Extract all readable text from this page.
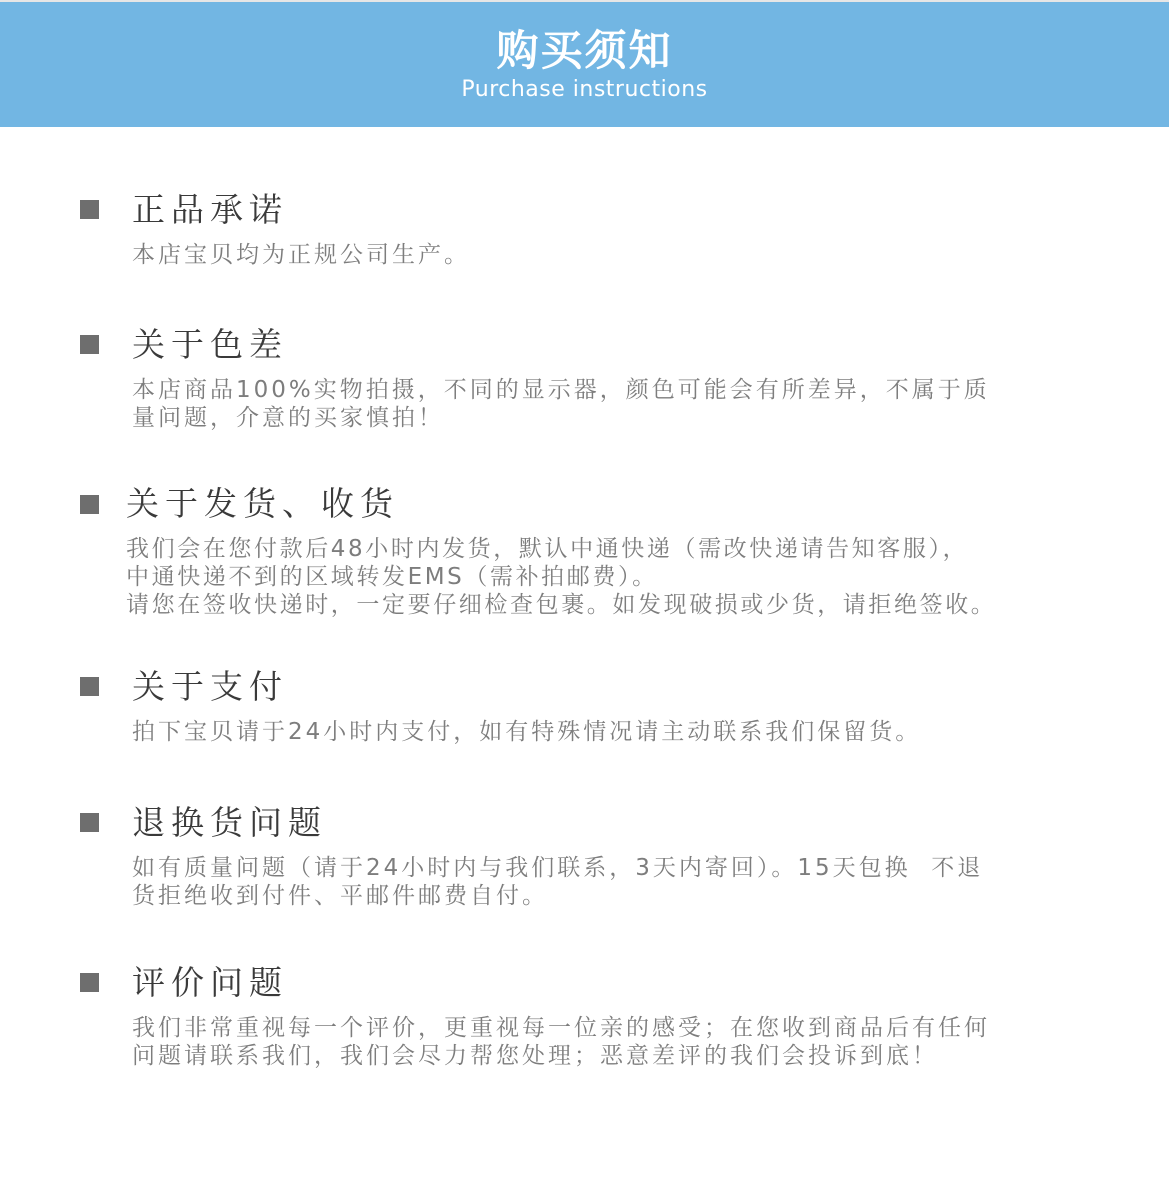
购买须知
Purchase instructions
正品承诺
本店宝贝均为正规公司生产。
关于色差
本店商品100%实物拍摄，不同的显示器，颜色可能会有所差异，不属于质
量问题，介意的买家慎拍！
关于发货、收货
我们会在您付款后48小时内发货，默认中通快递（需改快递请告知客服），
中通快递不到的区域转发EMS（需补拍邮费）。
请您在签收快递时，一定要仔细检查包裹。如发现破损或少货，请拒绝签收。
关于支付
拍下宝贝请于24小时内支付，如有特殊情况请主动联系我们保留货。
退换货问题
如有质量问题（请于24小时内与我们联系，3天内寄回）。15天包换  不退
货拒绝收到付件、平邮件邮费自付。
评价问题
我们非常重视每一个评价，更重视每一位亲的感受；在您收到商品后有任何
问题请联系我们，我们会尽力帮您处理；恶意差评的我们会投诉到底！
